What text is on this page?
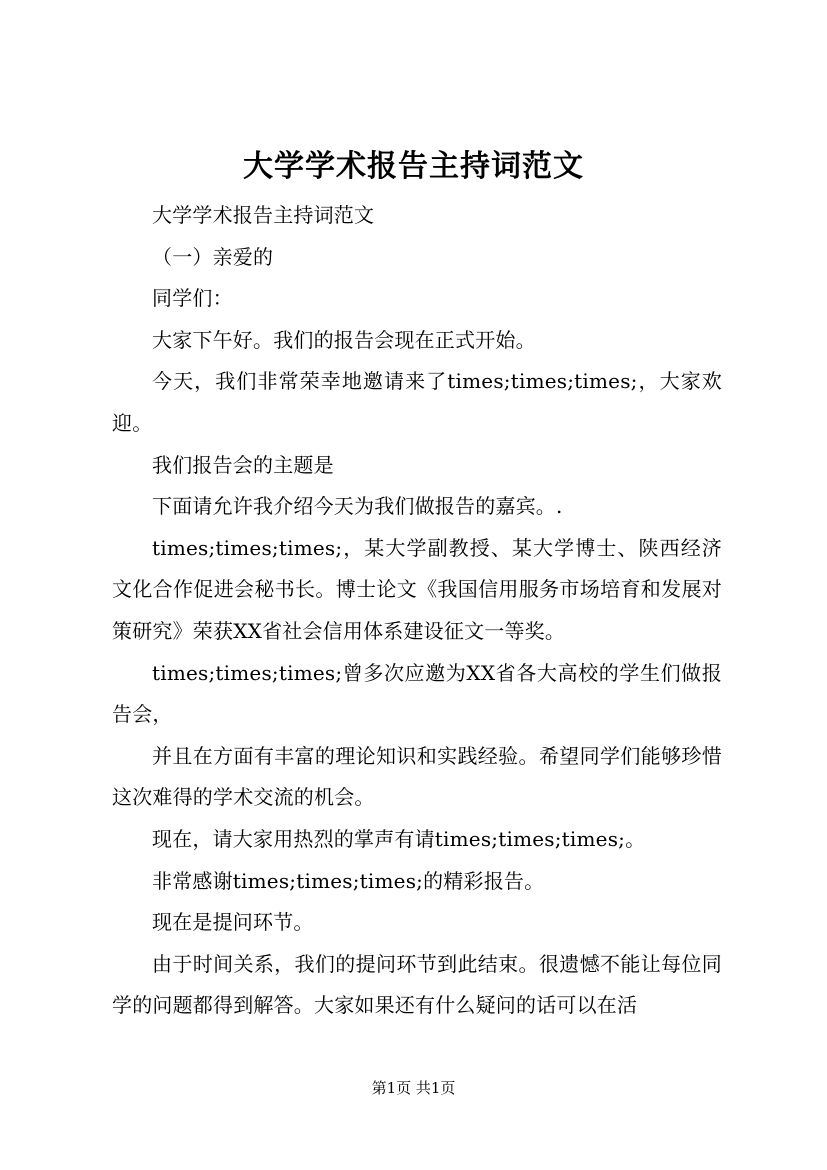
大学学术报告主持词范文

大学学术报告主持词范文

（一）亲爱的

同学们：

大家下午好。我们的报告会现在正式开始。

今天，我们非常荣幸地邀请来了times;times;times;，大家欢迎。

我们报告会的主题是

下面请允许我介绍今天为我们做报告的嘉宾。.

times;times;times;，某大学副教授、某大学博士、陕西经济文化合作促进会秘书长。博士论文《我国信用服务市场培育和发展对策研究》荣获XX省社会信用体系建设征文一等奖。

times;times;times;曾多次应邀为XX省各大高校的学生们做报告会，

并且在方面有丰富的理论知识和实践经验。希望同学们能够珍惜这次难得的学术交流的机会。

现在，请大家用热烈的掌声有请times;times;times;。

非常感谢times;times;times;的精彩报告。

现在是提问环节。

由于时间关系，我们的提问环节到此结束。很遗憾不能让每位同学的问题都得到解答。大家如果还有什么疑问的话可以在活

第1页 共1页
